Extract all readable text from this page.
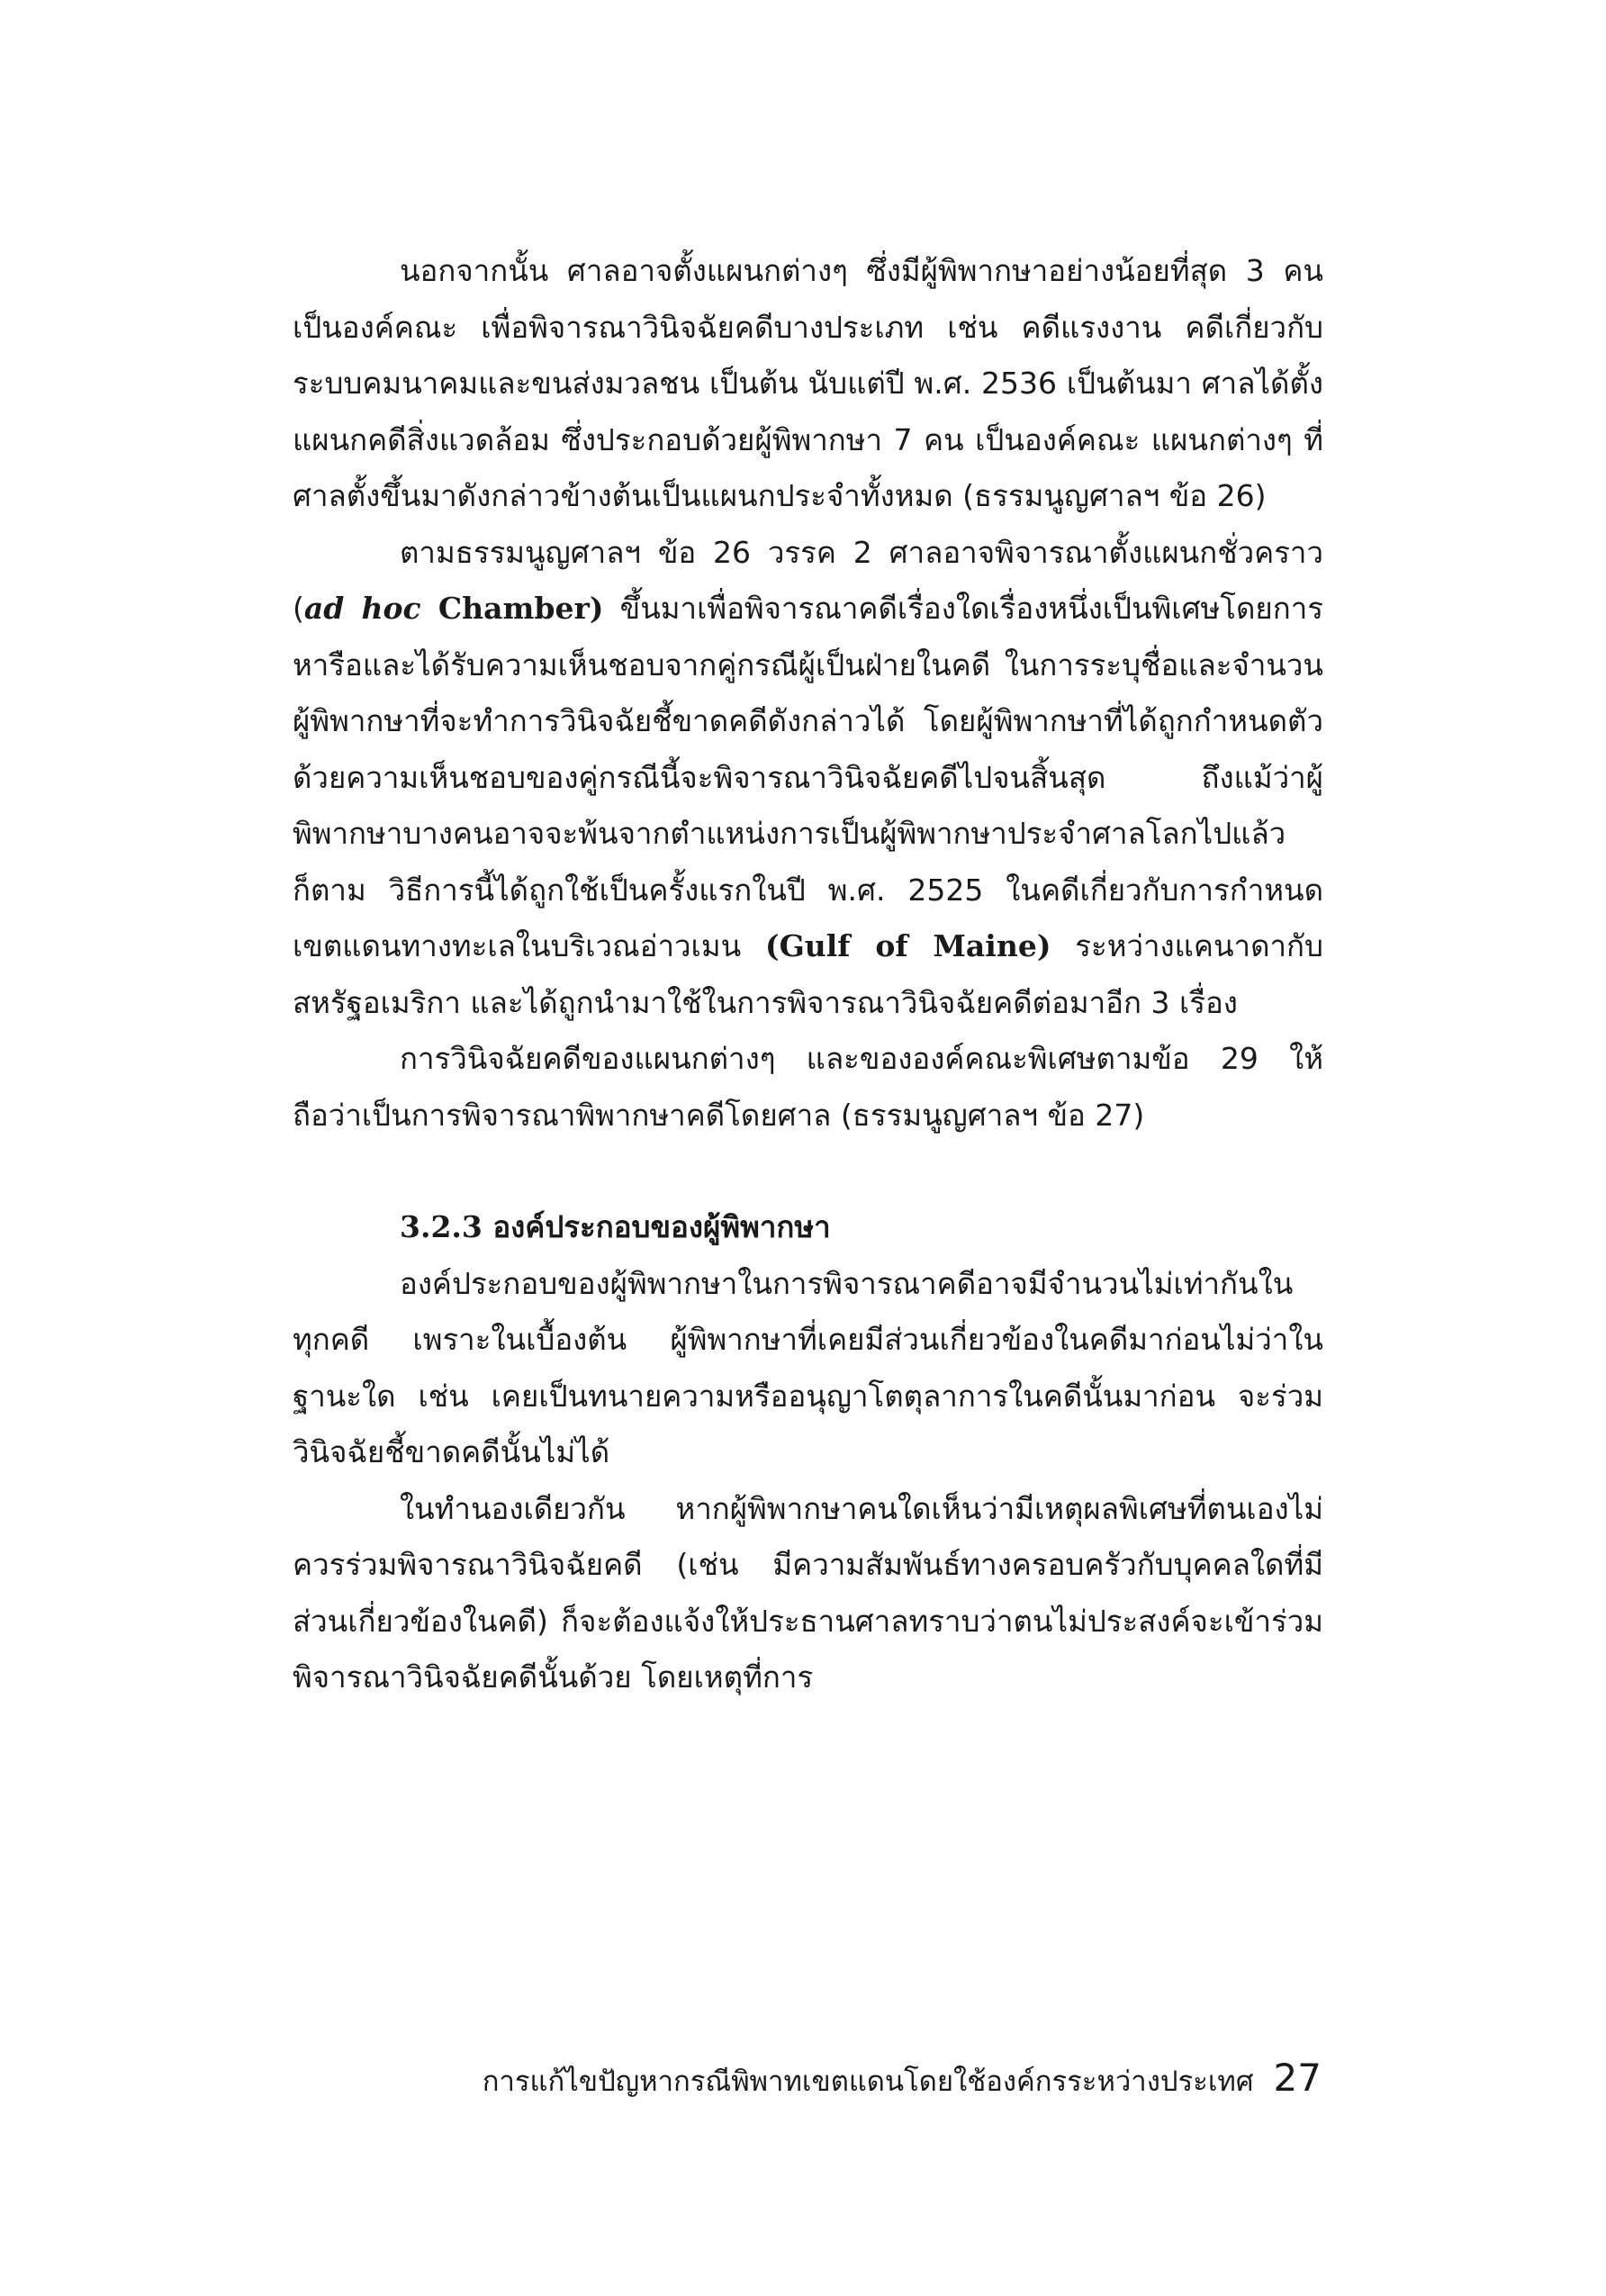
นอกจากนั้น ศาลอาจตั้งแผนกต่างๆ ซึ่งมีผู้พิพากษาอย่างน้อยที่สุด 3 คน เป็นองค์คณะ เพื่อพิจารณาวินิจฉัยคดีบางประเภท เช่น คดีแรงงาน คดีเกี่ยวกับระบบคมนาคมและขนส่งมวลชน เป็นต้น นับแต่ปี พ.ศ. 2536 เป็นต้นมา ศาลได้ตั้งแผนกคดีสิ่งแวดล้อม ซึ่งประกอบด้วยผู้พิพากษา 7 คน เป็นองค์คณะ แผนกต่างๆ ที่ศาลตั้งขึ้นมาดังกล่าวข้างต้นเป็นแผนกประจำทั้งหมด (ธรรมนูญศาลฯ ข้อ 26)

ตามธรรมนูญศาลฯ ข้อ 26 วรรค 2 ศาลอาจพิจารณาตั้งแผนกชั่วคราว (ad hoc Chamber) ขึ้นมาเพื่อพิจารณาคดีเรื่องใดเรื่องหนึ่งเป็นพิเศษโดยการหารือและได้รับความเห็นชอบจากคู่กรณีผู้เป็นฝ่ายในคดี ในการระบุชื่อและจำนวนผู้พิพากษาที่จะทำการวินิจฉัยชี้ขาดคดีดังกล่าวได้ โดยผู้พิพากษาที่ได้ถูกกำหนดตัวด้วยความเห็นชอบของคู่กรณีนี้จะพิจารณาวินิจฉัยคดีไปจนสิ้นสุด ถึงแม้ว่าผู้พิพากษาบางคนอาจจะพ้นจากตำแหน่งการเป็นผู้พิพากษาประจำศาลโลกไปแล้วก็ตาม วิธีการนี้ได้ถูกใช้เป็นครั้งแรกในปี พ.ศ. 2525 ในคดีเกี่ยวกับการกำหนดเขตแดนทางทะเลในบริเวณอ่าวเมน (Gulf of Maine) ระหว่างแคนาดากับสหรัฐอเมริกา และได้ถูกนำมาใช้ในการพิจารณาวินิจฉัยคดีต่อมาอีก 3 เรื่อง

การวินิจฉัยคดีของแผนกต่างๆ และขององค์คณะพิเศษตามข้อ 29 ให้ถือว่าเป็นการพิจารณาพิพากษาคดีโดยศาล (ธรรมนูญศาลฯ ข้อ 27)

3.2.3 องค์ประกอบของผู้พิพากษา

องค์ประกอบของผู้พิพากษาในการพิจารณาคดีอาจมีจำนวนไม่เท่ากันในทุกคดี เพราะในเบื้องต้น ผู้พิพากษาที่เคยมีส่วนเกี่ยวข้องในคดีมาก่อนไม่ว่าในฐานะใด เช่น เคยเป็นทนายความหรืออนุญาโตตุลาการในคดีนั้นมาก่อน จะร่วมวินิจฉัยชี้ขาดคดีนั้นไม่ได้

ในทำนองเดียวกัน หากผู้พิพากษาคนใดเห็นว่ามีเหตุผลพิเศษที่ตนเองไม่ควรร่วมพิจารณาวินิจฉัยคดี (เช่น มีความสัมพันธ์ทางครอบครัวกับบุคคลใดที่มีส่วนเกี่ยวข้องในคดี) ก็จะต้องแจ้งให้ประธานศาลทราบว่าตนไม่ประสงค์จะเข้าร่วมพิจารณาวินิจฉัยคดีนั้นด้วย โดยเหตุที่การ

การแก้ไขปัญหากรณีพิพาทเขตแดนโดยใช้องค์กรระหว่างประเทศ 27
